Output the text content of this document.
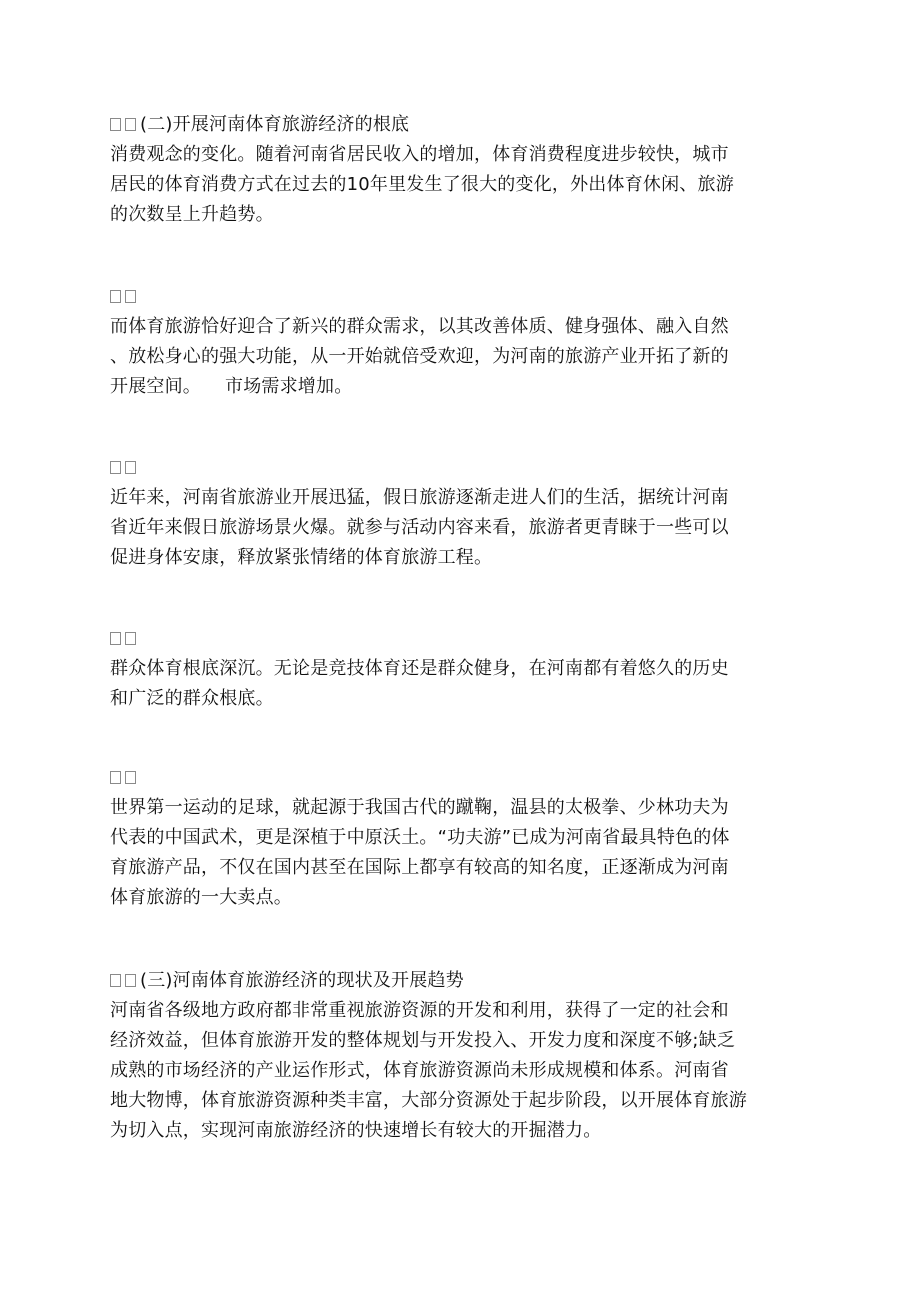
(二)开展河南体育旅游经济的根底
消费观念的变化。随着河南省居民收入的增加，体育消费程度进步较快，城市
居民的体育消费方式在过去的10年里发生了很大的变化，外出体育休闲、旅游
的次数呈上升趋势。
而体育旅游恰好迎合了新兴的群众需求，以其改善体质、健身强体、融入自然
、放松身心的强大功能，从一开始就倍受欢迎，为河南的旅游产业开拓了新的
开展空间。 市场需求增加。
近年来，河南省旅游业开展迅猛，假日旅游逐渐走进人们的生活，据统计河南
省近年来假日旅游场景火爆。就参与活动内容来看，旅游者更青睐于一些可以
促进身体安康，释放紧张情绪的体育旅游工程。
群众体育根底深沉。无论是竞技体育还是群众健身，在河南都有着悠久的历史
和广泛的群众根底。
世界第一运动的足球，就起源于我国古代的蹴鞠，温县的太极拳、少林功夫为
代表的中国武术，更是深植于中原沃土。“功夫游”已成为河南省最具特色的体
育旅游产品，不仅在国内甚至在国际上都享有较高的知名度，正逐渐成为河南
体育旅游的一大卖点。
(三)河南体育旅游经济的现状及开展趋势
河南省各级地方政府都非常重视旅游资源的开发和利用，获得了一定的社会和
经济效益，但体育旅游开发的整体规划与开发投入、开发力度和深度不够;缺乏
成熟的市场经济的产业运作形式，体育旅游资源尚未形成规模和体系。河南省
地大物博，体育旅游资源种类丰富，大部分资源处于起步阶段，以开展体育旅游
为切入点，实现河南旅游经济的快速增长有较大的开掘潜力。
